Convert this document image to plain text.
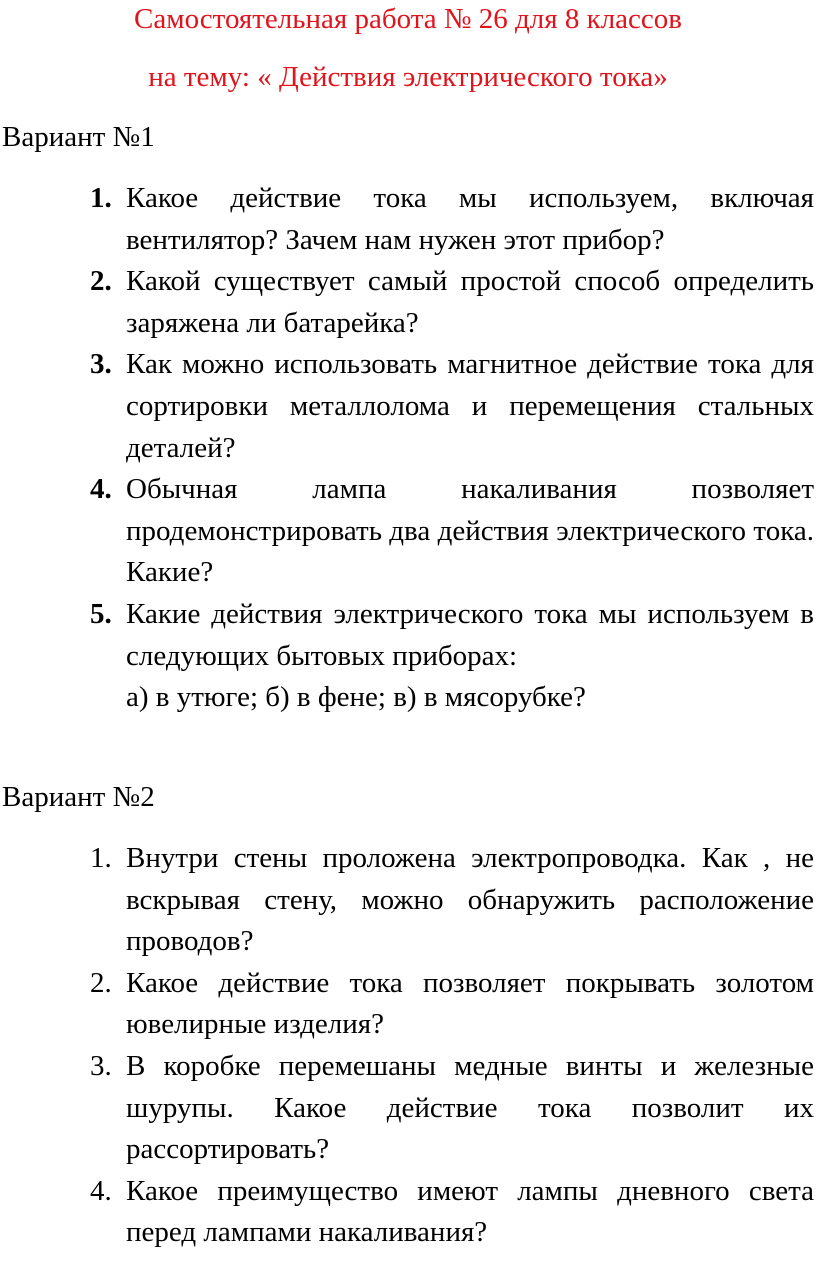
Самостоятельная работа № 26 для 8 классов
на тему: « Действия электрического тока»
Вариант №1
1. Какое действие тока мы используем, включая вентилятор? Зачем нам нужен этот прибор?
2. Какой существует самый простой способ определить заряжена ли батарейка?
3. Как можно использовать магнитное действие тока для сортировки металлолома и перемещения стальных деталей?
4. Обычная лампа накаливания позволяет продемонстрировать два действия электрического тока. Какие?
5. Какие действия электрического тока мы используем в следующих бытовых приборах:
а) в утюге; б) в фене; в) в мясорубке?
Вариант №2
1. Внутри стены проложена электропроводка. Как , не вскрывая стену, можно обнаружить расположение проводов?
2. Какое действие тока позволяет покрывать золотом ювелирные изделия?
3. В коробке перемешаны медные винты и железные шурупы. Какое действие тока позволит их рассортировать?
4. Какое преимущество имеют лампы дневного света перед лампами накаливания?
